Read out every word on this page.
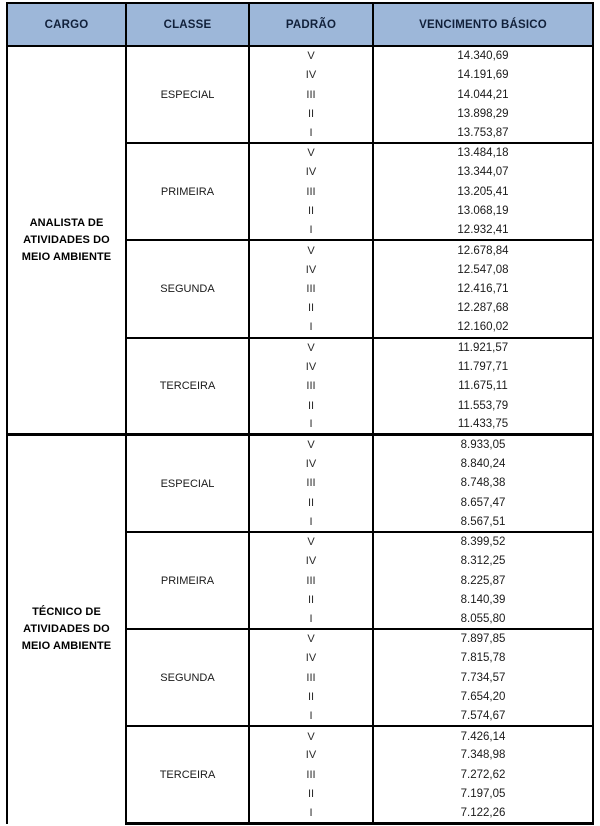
CARGO	CLASSE	PADRÃO	VENCIMENTO BÁSICO

ANALISTA DE
ATIVIDADES DO
MEIO AMBIENTE	ESPECIAL	V	14.340,69
		IV	14.191,69
		III	14.044,21
		II	13.898,29
		I	13.753,87
	PRIMEIRA	V	13.484,18
		IV	13.344,07
		III	13.205,41
		II	13.068,19
		I	12.932,41
	SEGUNDA	V	12.678,84
		IV	12.547,08
		III	12.416,71
		II	12.287,68
		I	12.160,02
	TERCEIRA	V	11.921,57
		IV	11.797,71
		III	11.675,11
		II	11.553,79
		I	11.433,75

TÉCNICO DE
ATIVIDADES DO
MEIO AMBIENTE	ESPECIAL	V	8.933,05
		IV	8.840,24
		III	8.748,38
		II	8.657,47
		I	8.567,51
	PRIMEIRA	V	8.399,52
		IV	8.312,25
		III	8.225,87
		II	8.140,39
		I	8.055,80
	SEGUNDA	V	7.897,85
		IV	7.815,78
		III	7.734,57
		II	7.654,20
		I	7.574,67
	TERCEIRA	V	7.426,14
		IV	7.348,98
		III	7.272,62
		II	7.197,05
		I	7.122,26
